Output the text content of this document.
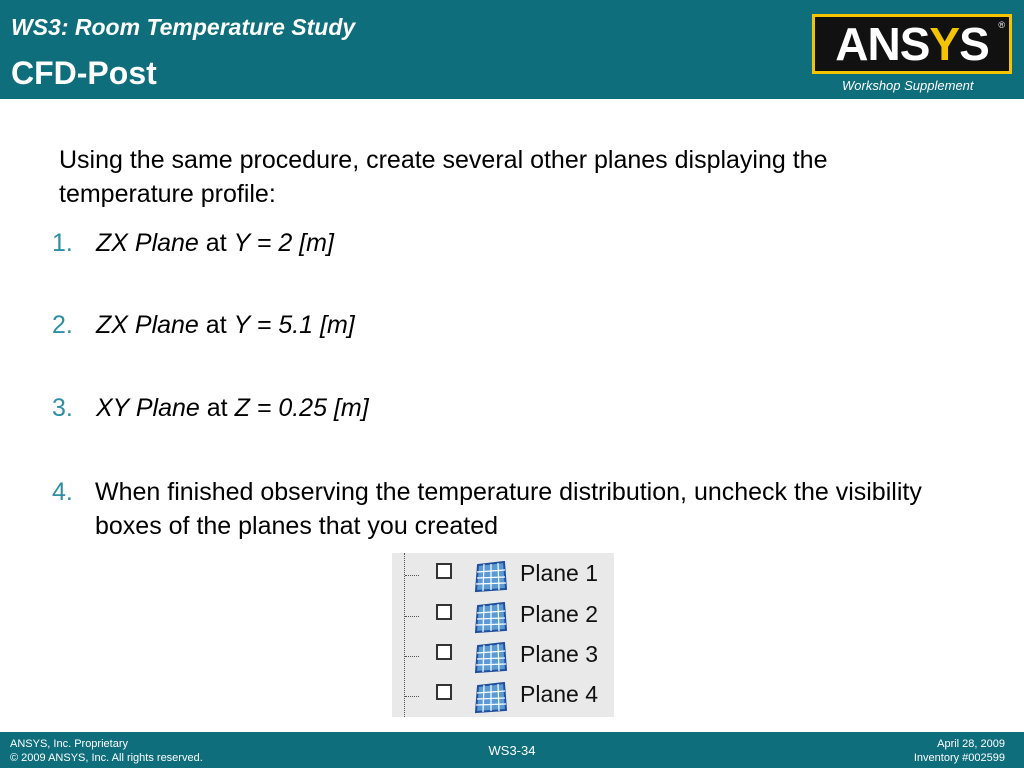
WS3: Room Temperature Study
CFD-Post
ANSYS ®
Workshop Supplement
Using the same procedure, create several other planes displaying the temperature profile:
1. ZX Plane at Y = 2 [m]
2. ZX Plane at Y = 5.1 [m]
3. XY Plane at Z = 0.25 [m]
4. When finished observing the temperature distribution, uncheck the visibility boxes of the planes that you created
Plane 1
Plane 2
Plane 3
Plane 4
ANSYS, Inc. Proprietary
© 2009 ANSYS, Inc. All rights reserved.	WS3-34	April 28, 2009
Inventory #002599
